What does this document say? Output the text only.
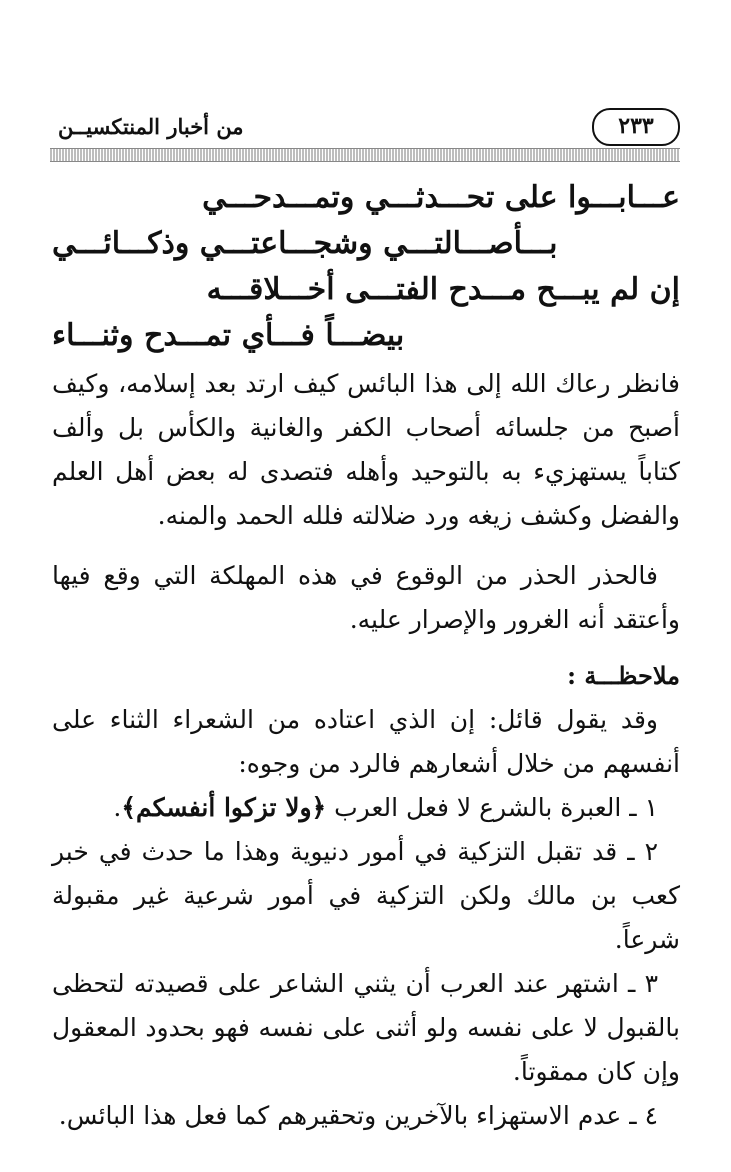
٢٣٣
من أخبار المنتكسيــن
عـــابـــوا على تحـــدثـــي وتمـــدحـــي
بـــأصـــالتـــي وشجـــاعتـــي وذكـــائـــي
إن لم يبـــح مـــدح الفتـــى أخـــلاقـــه
بيضـــاً فـــأي تمـــدح وثنـــاء

فانظر رعاك الله إلى هذا البائس كيف ارتد بعد إسلامه، وكيف أصبح من جلسائه أصحاب الكفر والغانية والكأس بل وألف كتاباً يستهزيء به بالتوحيد وأهله فتصدى له بعض أهل العلم والفضل وكشف زيغه ورد ضلالته فلله الحمد والمنه.

فالحذر الحذر من الوقوع في هذه المهلكة التي وقع فيها وأعتقد أنه الغرور والإصرار عليه.

ملاحظـــة :

وقد يقول قائل: إن الذي اعتاده من الشعراء الثناء على أنفسهم من خلال أشعارهم فالرد من وجوه:

١ ـ العبرة بالشرع لا فعل العرب ﴿ولا تزكوا أنفسكم﴾.
٢ ـ قد تقبل التزكية في أمور دنيوية وهذا ما حدث في خبر كعب بن مالك ولكن التزكية في أمور شرعية غير مقبولة شرعاً.
٣ ـ اشتهر عند العرب أن يثني الشاعر على قصيدته لتحظى بالقبول لا على نفسه ولو أثنى على نفسه فهو بحدود المعقول وإن كان ممقوتاً.
٤ ـ عدم الاستهزاء بالآخرين وتحقيرهم كما فعل هذا البائس.
